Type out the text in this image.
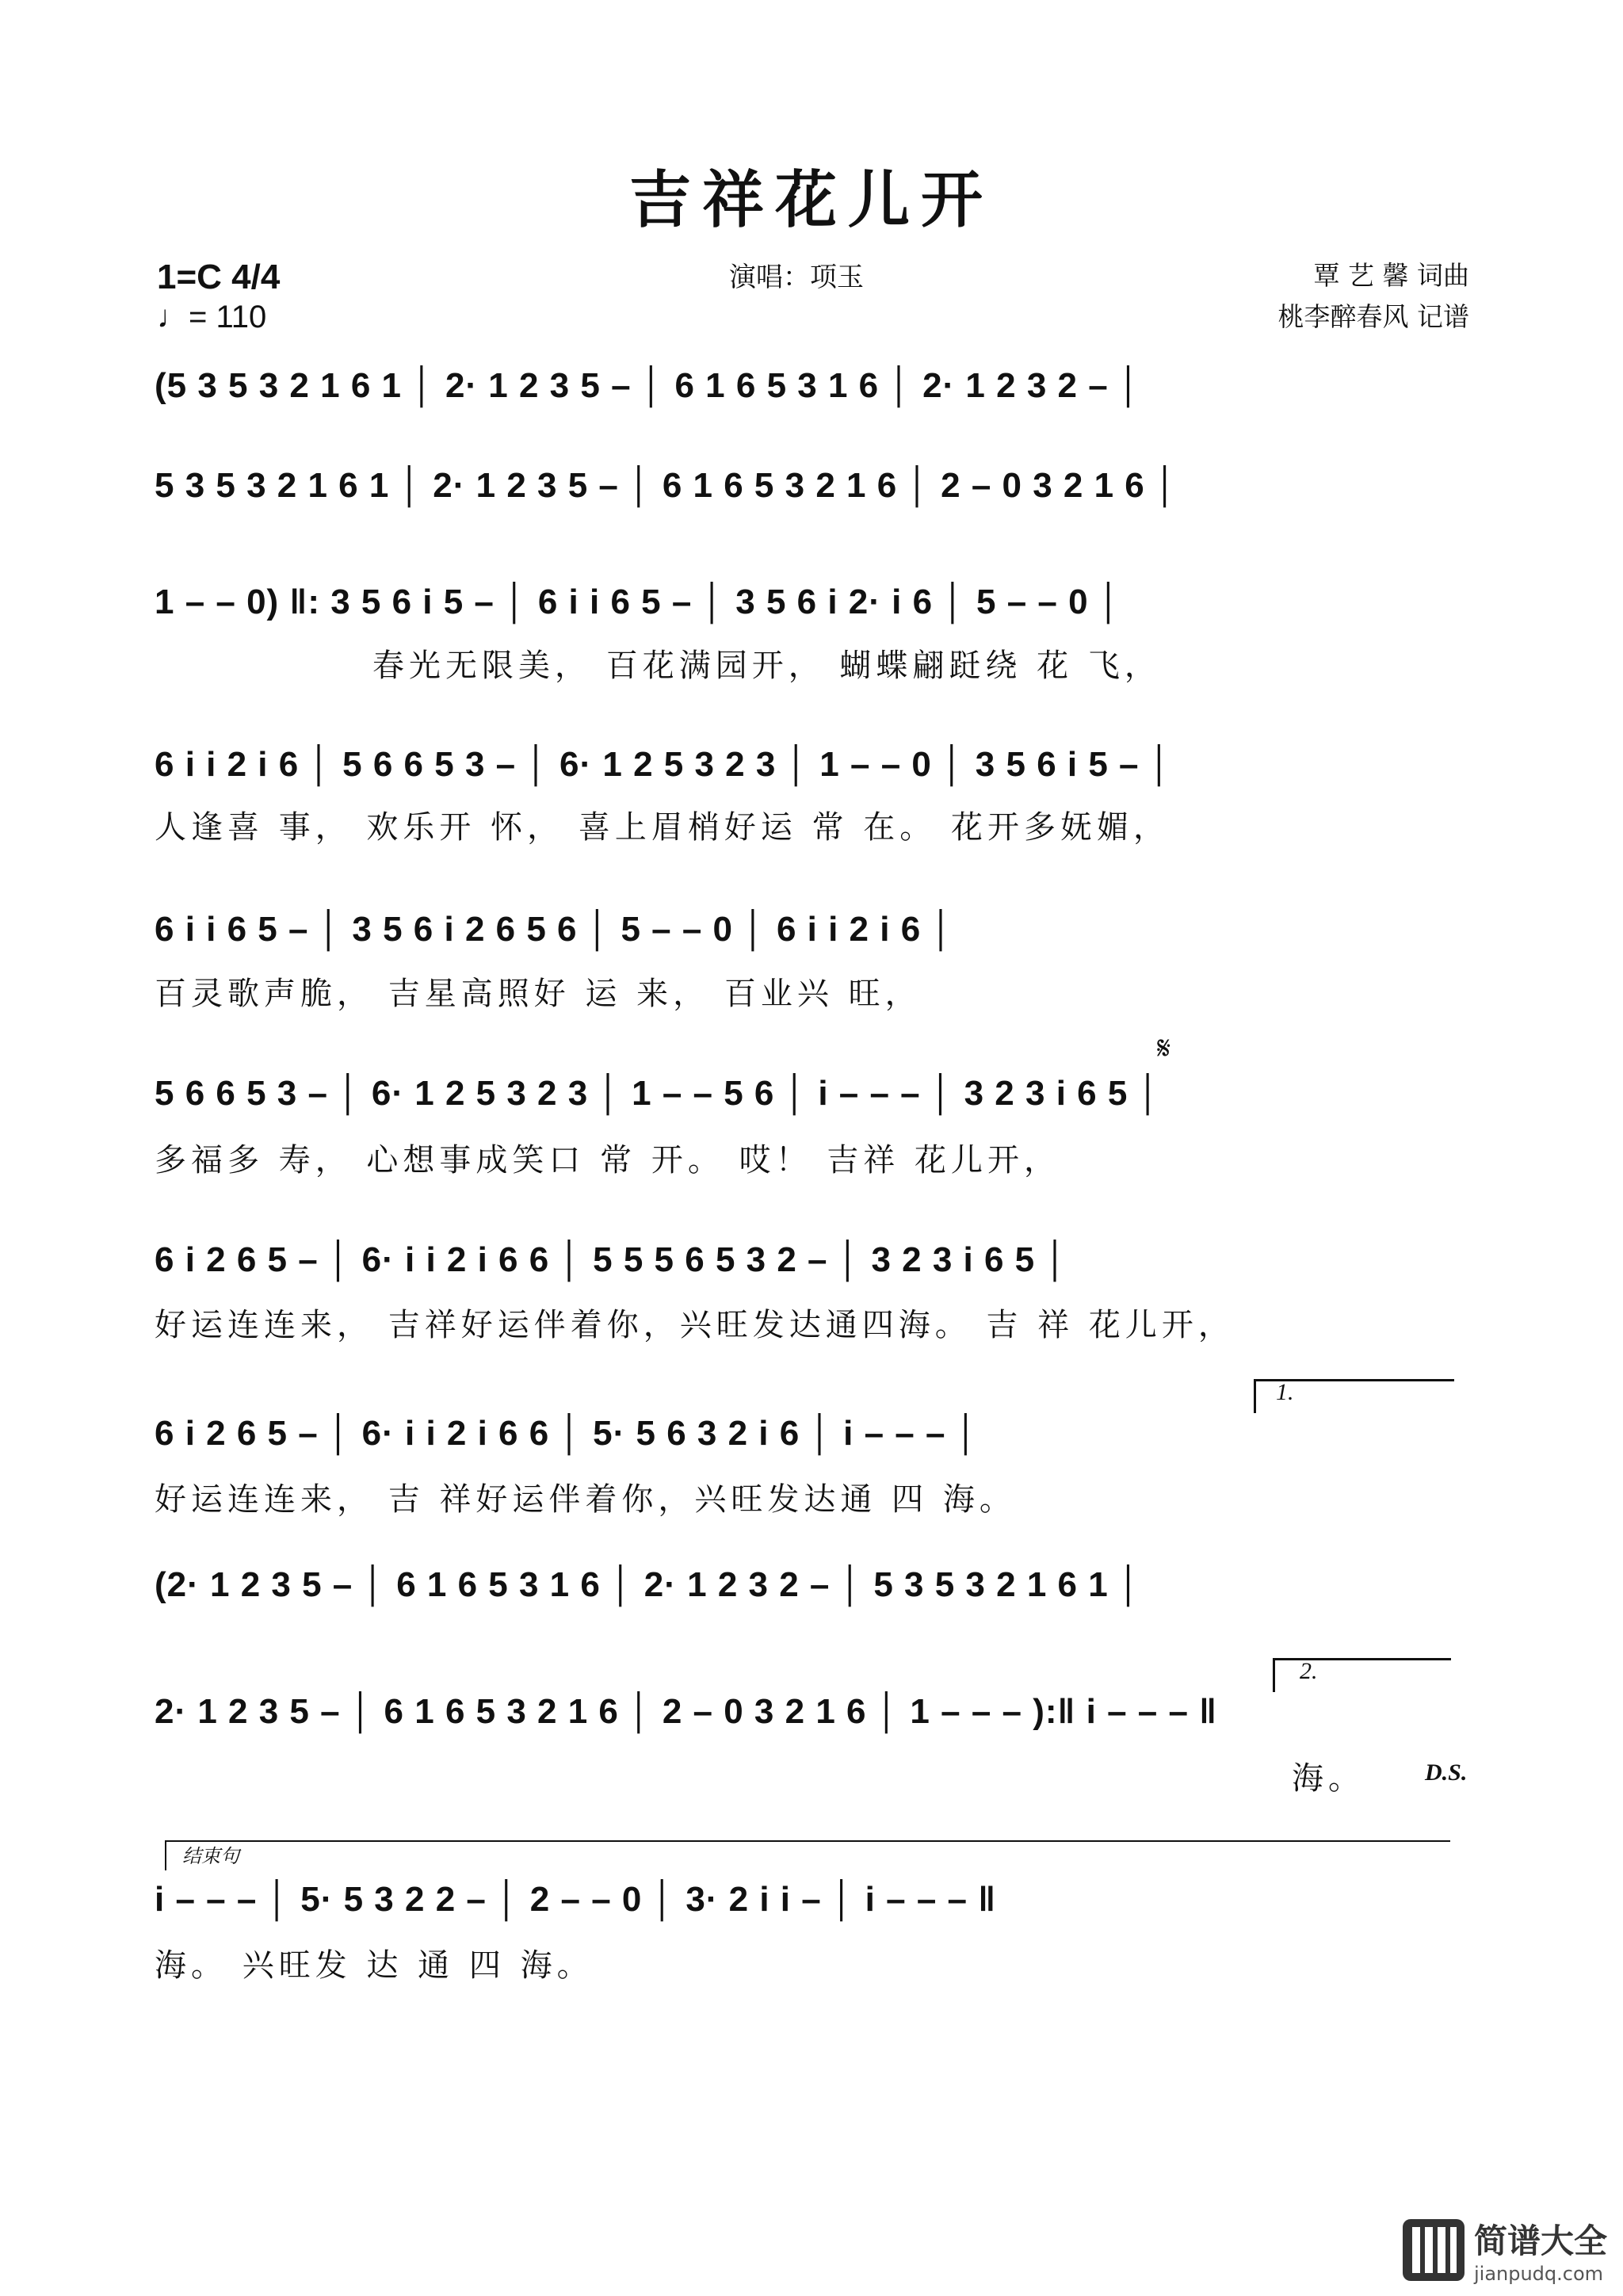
吉祥花儿开
1=C 4/4
♩= 110
演唱：项玉	覃 艺 馨 词曲
桃李醉春风 记谱
(5 3 5 3 2 1 6 1 │ 2· 1 2 3 5 – │ 6 1 6 5 3 1 6 │ 2· 1 2 3 2 – │
5 3 5 3 2 1 6 1 │ 2· 1 2 3 5 – │ 6 1 6 5 3 2 1 6 │ 2 – 0 3 2 1 6 │
1 – – 0) ‖: 3 5 6 i 5 – │ 6 i i 6 5 – │ 3 5 6 i 2· i 6 │ 5 – – 0 │
春光无限美， 百花满园开， 蝴蝶翩跹绕 花 飞，
6 i i 2 i 6 │ 5 6 6 5 3 – │ 6· 1 2 5 3 2 3 │ 1 – – 0 │ 3 5 6 i 5 – │
人逢喜 事， 欢乐开 怀， 喜上眉梢好运 常 在。 花开多妩媚，
6 i i 6 5 – │ 3 5 6 i 2 6 5 6 │ 5 – – 0 │ 6 i i 2 i 6 │
百灵歌声脆， 吉星高照好 运 来， 百业兴 旺，
𝄋
5 6 6 5 3 – │ 6· 1 2 5 3 2 3 │ 1 – – 5 6 │ i – – – │ 3 2 3 i 6 5 │
多福多 寿， 心想事成笑口 常 开。 哎！ 吉祥 花儿开，
6 i 2 6 5 – │ 6· i i 2 i 6 6 │ 5 5 5 6 5 3 2 – │ 3 2 3 i 6 5 │
好运连连来， 吉祥好运伴着你，兴旺发达通四海。 吉 祥 花儿开，
1.
6 i 2 6 5 – │ 6· i i 2 i 6 6 │ 5· 5 6 3 2 i 6 │ i – – – │
好运连连来， 吉 祥好运伴着你，兴旺发达通 四 海。
(2· 1 2 3 5 – │ 6 1 6 5 3 1 6 │ 2· 1 2 3 2 – │ 5 3 5 3 2 1 6 1 │
2.
2· 1 2 3 5 – │ 6 1 6 5 3 2 1 6 │ 2 – 0 3 2 1 6 │ 1 – – – ):‖ i – – – ‖
海。	D.S.
结束句
i – – – │ 5· 5 3 2 2 – │ 2 – – 0 │ 3· 2 i i – │ i – – – ‖
海。 兴旺发 达 通 四 海。
简谱大全
jianpudq.com
